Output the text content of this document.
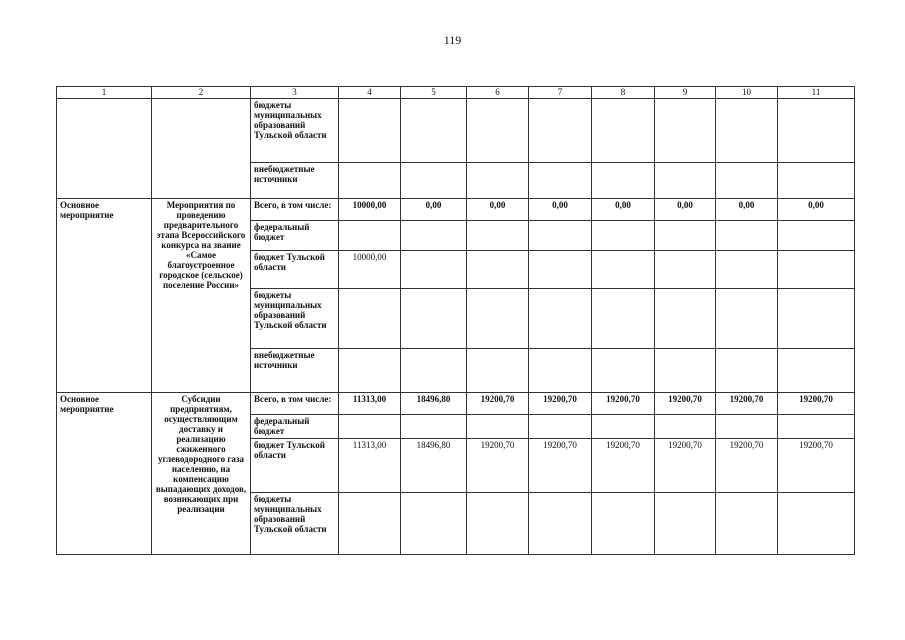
119
1	2	3	4	5	6	7	8	9	10	11
		бюджеты муниципальных образований Тульской области								
		внебюджетные источники								
Основное мероприятие	Мероприятия по проведению предварительного этапа Всероссийского конкурса на звание «Самое благоустроенное городское (сельское) поселение России»	Всего, в том числе:	10000,00	0,00	0,00	0,00	0,00	0,00	0,00	0,00
		федеральный бюджет								
		бюджет Тульской области	10000,00							
		бюджеты муниципальных образований Тульской области								
		внебюджетные источники								
Основное мероприятие	Субсидии предприятиям, осуществляющим доставку и реализацию сжиженного углеводородного газа населению, на компенсацию выпадающих доходов, возникающих при реализации	Всего, в том числе:	11313,00	18496,80	19200,70	19200,70	19200,70	19200,70	19200,70	19200,70
		федеральный бюджет								
		бюджет Тульской области	11313,00	18496,80	19200,70	19200,70	19200,70	19200,70	19200,70	19200,70
		бюджеты муниципальных образований Тульской области								
